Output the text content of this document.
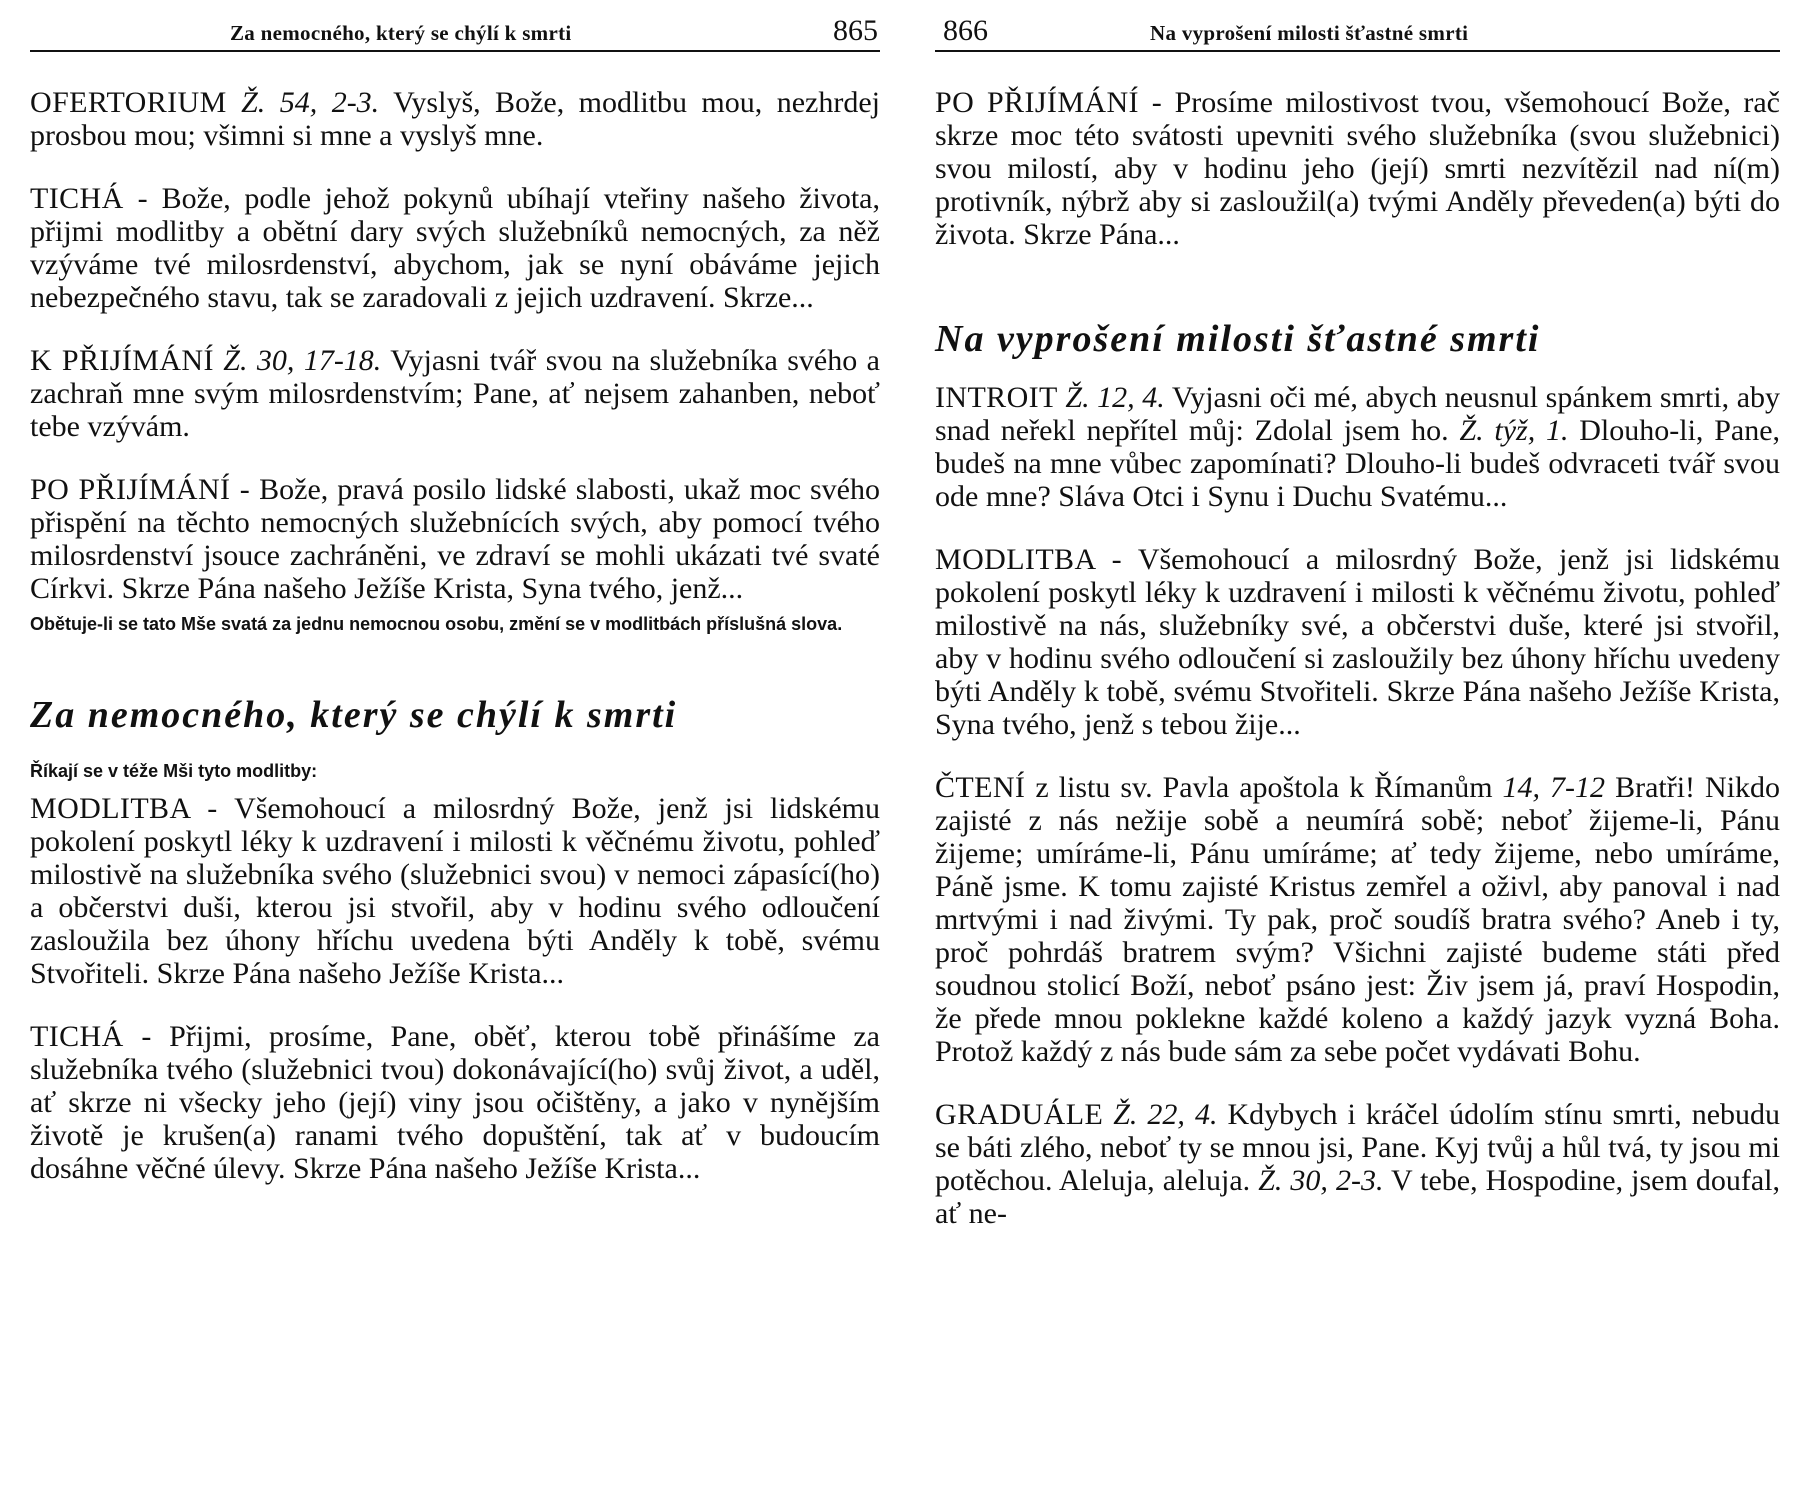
Za nemocného, který se chýlí k smrti	865

OFERTORIUM Ž. 54, 2-3. Vyslyš, Bože, modlitbu mou, nezhrdej prosbou mou; všimni si mne a vyslyš mne.

TICHÁ - Bože, podle jehož pokynů ubíhají vteřiny našeho života, přijmi modlitby a obětní dary svých služebníků nemocných, za něž vzýváme tvé milosrdenství, abychom, jak se nyní obáváme jejich nebezpečného stavu, tak se zaradovali z jejich uzdravení. Skrze...

K PŘIJÍMÁNÍ Ž. 30, 17-18. Vyjasni tvář svou na služebníka svého a zachraň mne svým milosrdenstvím; Pane, ať nejsem zahanben, neboť tebe vzývám.

PO PŘIJÍMÁNÍ - Bože, pravá posilo lidské slabosti, ukaž moc svého přispění na těchto nemocných služebnících svých, aby pomocí tvého milosrdenství jsouce zachráněni, ve zdraví se mohli ukázati tvé svaté Církvi. Skrze Pána našeho Ježíše Krista, Syna tvého, jenž...

Obětuje-li se tato Mše svatá za jednu nemocnou osobu, změní se v modlitbách příslušná slova.

Za nemocného, který se chýlí k smrti

Říkají se v téže Mši tyto modlitby:

MODLITBA - Všemohoucí a milosrdný Bože, jenž jsi lidskému pokolení poskytl léky k uzdravení i milosti k věčnému životu, pohleď milostivě na služebníka svého (služebnici svou) v nemoci zápasící(ho) a občerstvi duši, kterou jsi stvořil, aby v hodinu svého odloučení zasloužila bez úhony hříchu uvedena býti Anděly k tobě, svému Stvořiteli. Skrze Pána našeho Ježíše Krista...

TICHÁ - Přijmi, prosíme, Pane, oběť, kterou tobě přinášíme za služebníka tvého (služebnici tvou) dokonávající(ho) svůj život, a uděl, ať skrze ni všecky jeho (její) viny jsou očištěny, a jako v nynějším životě je krušen(a) ranami tvého dopuštění, tak ať v budoucím dosáhne věčné úlevy. Skrze Pána našeho Ježíše Krista...

866	Na vyprošení milosti šťastné smrti

PO PŘIJÍMÁNÍ - Prosíme milostivost tvou, všemohoucí Bože, rač skrze moc této svátosti upevniti svého služebníka (svou služebnici) svou milostí, aby v hodinu jeho (její) smrti nezvítězil nad ní(m) protivník, nýbrž aby si zasloužil(a) tvými Anděly převeden(a) býti do života. Skrze Pána...

Na vyprošení milosti šťastné smrti

INTROIT Ž. 12, 4. Vyjasni oči mé, abych neusnul spánkem smrti, aby snad neřekl nepřítel můj: Zdolal jsem ho. Ž. týž, 1. Dlouho-li, Pane, budeš na mne vůbec zapomínati? Dlouho-li budeš odvraceti tvář svou ode mne? Sláva Otci i Synu i Duchu Svatému...

MODLITBA - Všemohoucí a milosrdný Bože, jenž jsi lidskému pokolení poskytl léky k uzdravení i milosti k věčnému životu, pohleď milostivě na nás, služebníky své, a občerstvi duše, které jsi stvořil, aby v hodinu svého odloučení si zasloužily bez úhony hříchu uvedeny býti Anděly k tobě, svému Stvořiteli. Skrze Pána našeho Ježíše Krista, Syna tvého, jenž s tebou žije...

ČTENÍ z listu sv. Pavla apoštola k Římanům 14, 7-12 Bratři! Nikdo zajisté z nás nežije sobě a neumírá sobě; neboť žijeme-li, Pánu žijeme; umíráme-li, Pánu umíráme; ať tedy žijeme, nebo umíráme, Páně jsme. K tomu zajisté Kristus zemřel a oživl, aby panoval i nad mrtvými i nad živými. Ty pak, proč soudíš bratra svého? Aneb i ty, proč pohrdáš bratrem svým? Všichni zajisté budeme státi před soudnou stolicí Boží, neboť psáno jest: Živ jsem já, praví Hospodin, že přede mnou poklekne každé koleno a každý jazyk vyzná Boha. Protož každý z nás bude sám za sebe počet vydávati Bohu.

GRADUÁLE Ž. 22, 4. Kdybych i kráčel údolím stínu smrti, nebudu se báti zlého, neboť ty se mnou jsi, Pane. Kyj tvůj a hůl tvá, ty jsou mi potěchou. Aleluja, aleluja. Ž. 30, 2-3. V tebe, Hospodine, jsem doufal, ať ne-
